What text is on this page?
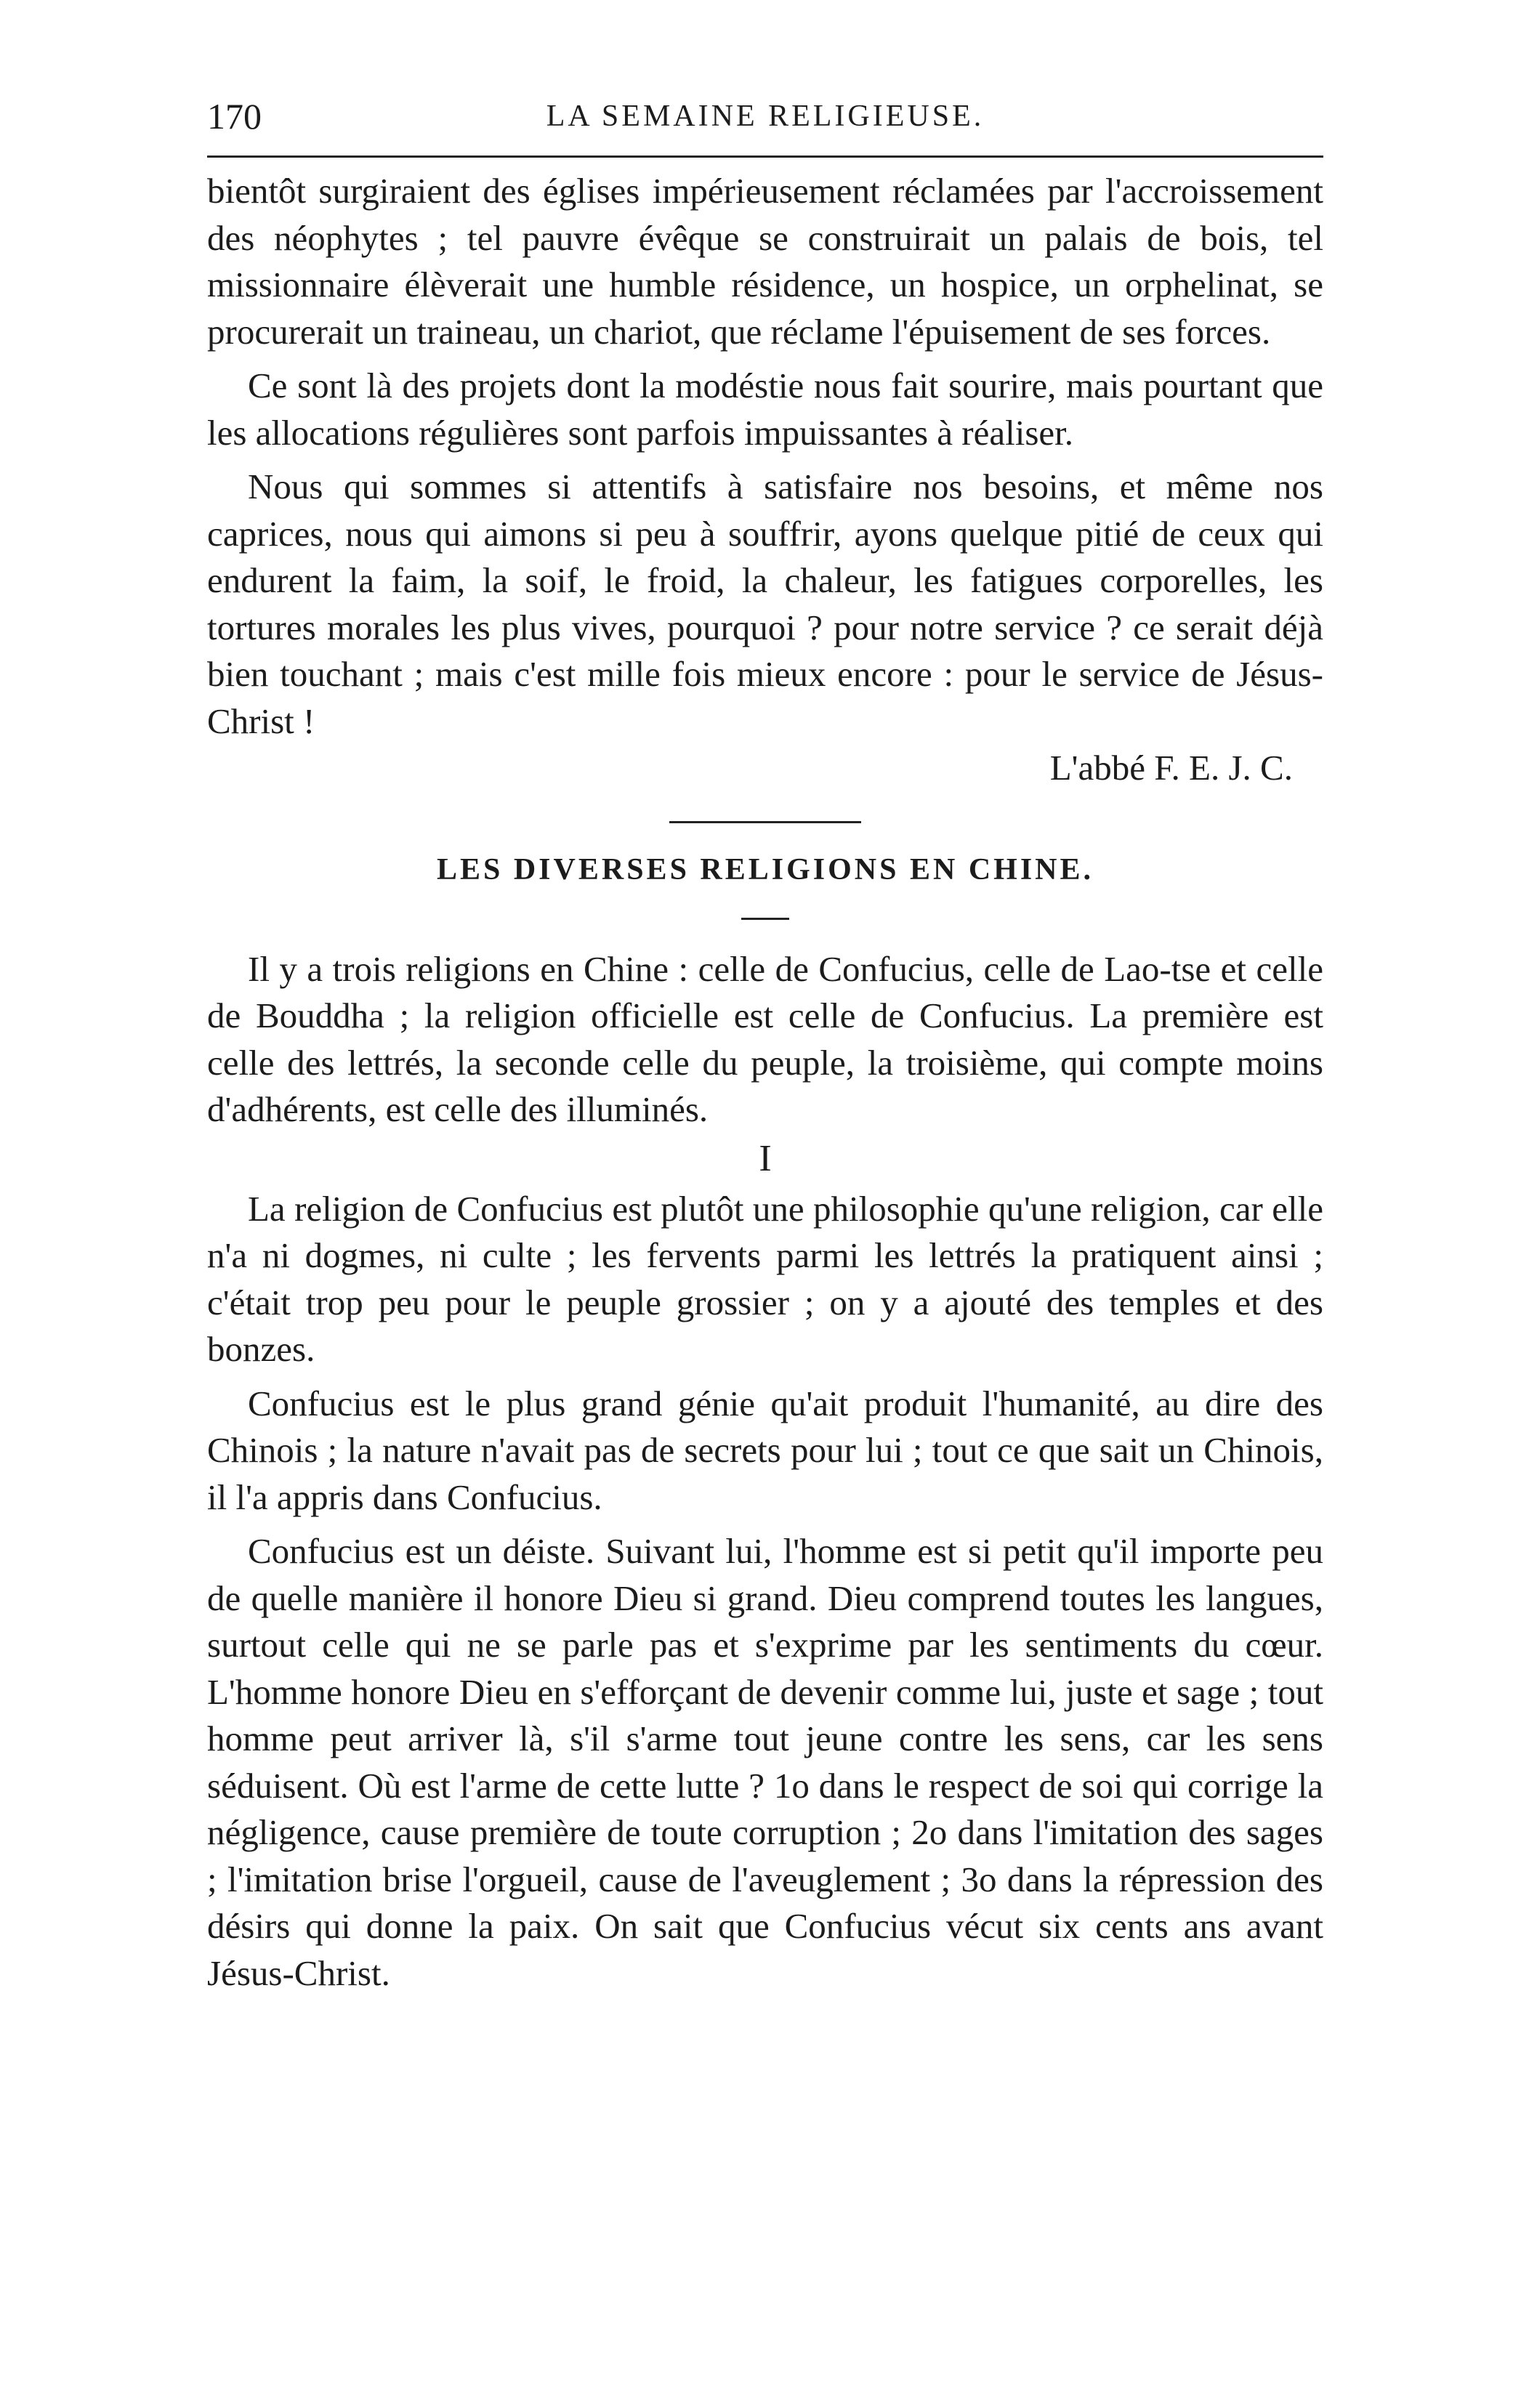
170	LA SEMAINE RELIGIEUSE.

bientôt surgiraient des églises impérieusement réclamées par l'accroissement des néophytes ; tel pauvre évêque se construirait un palais de bois, tel missionnaire élèverait une humble résidence, un hospice, un orphelinat, se procurerait un traineau, un chariot, que réclame l'épuisement de ses forces.

Ce sont là des projets dont la modéstie nous fait sourire, mais pourtant que les allocations régulières sont parfois impuissantes à réaliser.

Nous qui sommes si attentifs à satisfaire nos besoins, et même nos caprices, nous qui aimons si peu à souffrir, ayons quelque pitié de ceux qui endurent la faim, la soif, le froid, la chaleur, les fatigues corporelles, les tortures morales les plus vives, pourquoi ? pour notre service ? ce serait déjà bien touchant ; mais c'est mille fois mieux encore : pour le service de Jésus-Christ !

L'abbé F. E. J. C.

LES DIVERSES RELIGIONS EN CHINE.

Il y a trois religions en Chine : celle de Confucius, celle de Lao-tse et celle de Bouddha ; la religion officielle est celle de Confucius. La première est celle des lettrés, la seconde celle du peuple, la troisième, qui compte moins d'adhérents, est celle des illuminés.

I

La religion de Confucius est plutôt une philosophie qu'une religion, car elle n'a ni dogmes, ni culte ; les fervents parmi les lettrés la pratiquent ainsi ; c'était trop peu pour le peuple grossier ; on y a ajouté des temples et des bonzes.

Confucius est le plus grand génie qu'ait produit l'humanité, au dire des Chinois ; la nature n'avait pas de secrets pour lui ; tout ce que sait un Chinois, il l'a appris dans Confucius.

Confucius est un déiste. Suivant lui, l'homme est si petit qu'il importe peu de quelle manière il honore Dieu si grand. Dieu comprend toutes les langues, surtout celle qui ne se parle pas et s'exprime par les sentiments du cœur. L'homme honore Dieu en s'efforçant de devenir comme lui, juste et sage ; tout homme peut arriver là, s'il s'arme tout jeune contre les sens, car les sens séduisent. Où est l'arme de cette lutte ? 1o dans le respect de soi qui corrige la négligence, cause première de toute corruption ; 2o dans l'imitation des sages ; l'imitation brise l'orgueil, cause de l'aveuglement ; 3o dans la répression des désirs qui donne la paix. On sait que Confucius vécut six cents ans avant Jésus-Christ.
